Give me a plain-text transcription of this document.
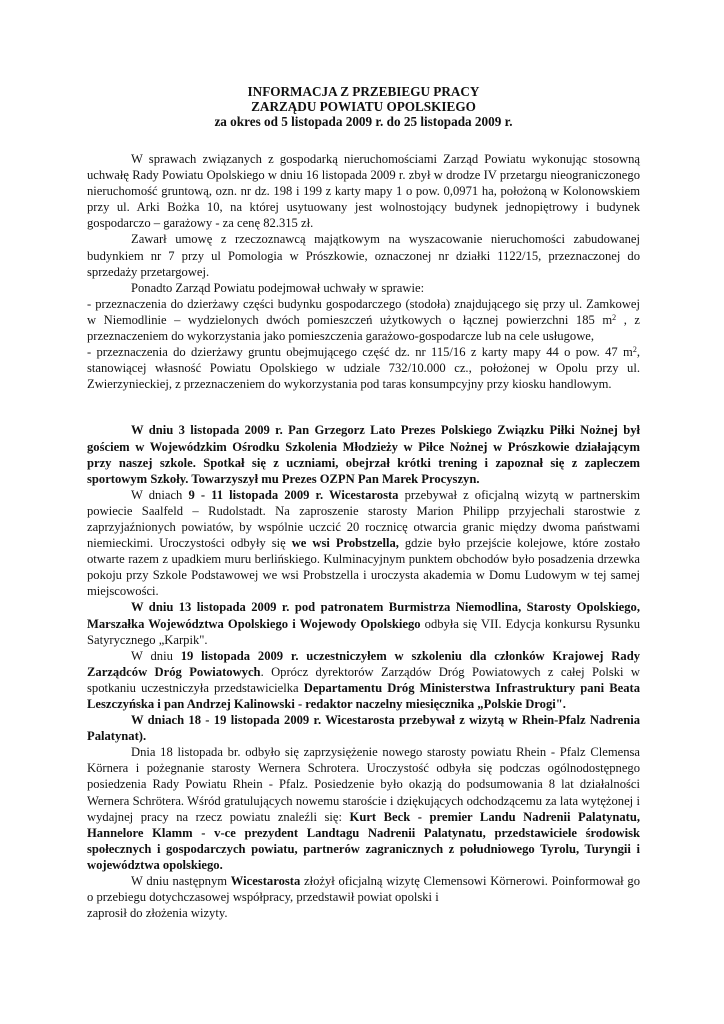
INFORMACJA Z PRZEBIEGU PRACY
ZARZĄDU POWIATU OPOLSKIEGO
za okres od 5 listopada 2009 r. do 25 listopada 2009 r.

W sprawach związanych z gospodarką nieruchomościami Zarząd Powiatu wykonując stosowną uchwałę Rady Powiatu Opolskiego w dniu 16 listopada 2009 r. zbył w drodze IV przetargu nieograniczonego nieruchomość gruntową, ozn. nr dz. 198 i 199 z karty mapy 1 o pow. 0,0971 ha, położoną w Kolonowskiem przy ul. Arki Bożka 10, na której usytuowany jest wolnostojący budynek jednopiętrowy i budynek gospodarczo – garażowy - za cenę 82.315 zł.

Zawarł umowę z rzeczoznawcą majątkowym na wyszacowanie nieruchomości zabudowanej budynkiem nr 7 przy ul Pomologia w Prószkowie, oznaczonej nr działki 1122/15, przeznaczonej do sprzedaży przetargowej.

Ponadto Zarząd Powiatu podejmował uchwały w sprawie:

- przeznaczenia do dzierżawy części budynku gospodarczego (stodoła) znajdującego się przy ul. Zamkowej w Niemodlinie – wydzielonych dwóch pomieszczeń użytkowych o łącznej powierzchni 185 $m^2$ , z przeznaczeniem do wykorzystania jako pomieszczenia garażowo-gospodarcze lub na cele usługowe,

- przeznaczenia do dzierżawy gruntu obejmującego część dz. nr 115/16 z karty mapy 44 o pow. 47 $m^2$, stanowiącej własność Powiatu Opolskiego w udziale 732/10.000 cz., położonej w Opolu przy ul. Zwierzynieckiej, z przeznaczeniem do wykorzystania pod taras konsumpcyjny przy kiosku handlowym.

W dniu 3 listopada 2009 r. Pan Grzegorz Lato Prezes Polskiego Związku Piłki Nożnej był gościem w Wojewódzkim Ośrodku Szkolenia Młodzieży w Piłce Nożnej w Prószkowie działającym przy naszej szkole. Spotkał się z uczniami, obejrzał krótki trening i zapoznał się z zapleczem sportowym Szkoły. Towarzyszył mu Prezes OZPN Pan Marek Procyszyn.

W dniach 9 - 11 listopada 2009 r. Wicestarosta przebywał z oficjalną wizytą w partnerskim powiecie Saalfeld – Rudolstadt. Na zaproszenie starosty Marion Philipp przyjechali starostwie z zaprzyjaźnionych powiatów, by wspólnie uczcić 20 rocznicę otwarcia granic między dwoma państwami niemieckimi. Uroczystości odbyły się we wsi Probstzella, gdzie było przejście kolejowe, które zostało otwarte razem z upadkiem muru berlińskiego. Kulminacyjnym punktem obchodów było posadzenia drzewka pokoju przy Szkole Podstawowej we wsi Probstzella i uroczysta akademia w Domu Ludowym w tej samej miejscowości.

W dniu 13 listopada 2009 r. pod patronatem Burmistrza Niemodlina, Starosty Opolskiego, Marszałka Województwa Opolskiego i Wojewody Opolskiego odbyła się VII. Edycja konkursu Rysunku Satyrycznego „Karpik".

W dniu 19 listopada 2009 r. uczestniczyłem w szkoleniu dla członków Krajowej Rady Zarządców Dróg Powiatowych. Oprócz dyrektorów Zarządów Dróg Powiatowych z całej Polski w spotkaniu uczestniczyła przedstawicielka Departamentu Dróg Ministerstwa Infrastruktury pani Beata Leszczyńska i pan Andrzej Kalinowski - redaktor naczelny miesięcznika „Polskie Drogi".

W dniach 18 - 19 listopada 2009 r. Wicestarosta przebywał z wizytą w Rhein-Pfalz Nadrenia Palatynat).

Dnia 18 listopada br. odbyło się zaprzysiężenie nowego starosty powiatu Rhein - Pfalz Clemensa Körnera i pożegnanie starosty Wernera Schrotera. Uroczystość odbyła się podczas ogólnodostępnego posiedzenia Rady Powiatu Rhein - Pfalz. Posiedzenie było okazją do podsumowania 8 lat działalności Wernera Schrötera. Wśród gratulujących nowemu staroście i dziękujących odchodzącemu za lata wytężonej i wydajnej pracy na rzecz powiatu znaleźli się: Kurt Beck - premier Landu Nadrenii Palatynatu, Hannelore Klamm - v-ce prezydent Landtagu Nadrenii Palatynatu, przedstawiciele środowisk społecznych i gospodarczych powiatu, partnerów zagranicznych z południowego Tyrolu, Turyngii i województwa opolskiego.

W dniu następnym Wicestarosta złożył oficjalną wizytę Clemensowi Körnerowi. Poinformował go o przebiegu dotychczasowej współpracy, przedstawił powiat opolski i
zaprosił do złożenia wizyty.
